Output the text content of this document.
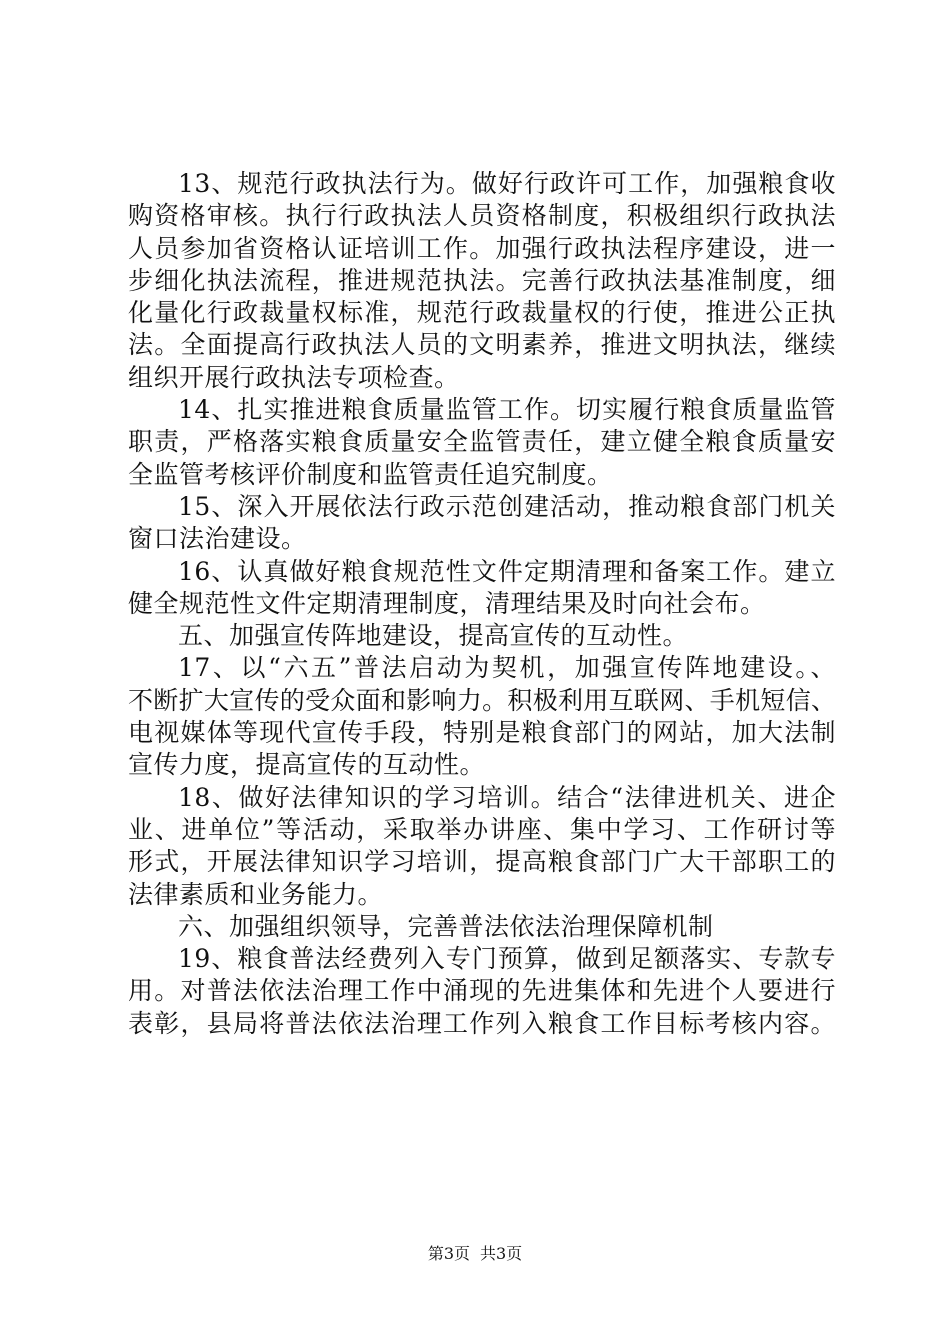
13、规范行政执法行为。做好行政许可工作，加强粮食收
购资格审核。执行行政执法人员资格制度，积极组织行政执法
人员参加省资格认证培训工作。加强行政执法程序建设，进一
步细化执法流程，推进规范执法。完善行政执法基准制度，细
化量化行政裁量权标准，规范行政裁量权的行使，推进公正执
法。全面提高行政执法人员的文明素养，推进文明执法，继续
组织开展行政执法专项检查。
14、扎实推进粮食质量监管工作。切实履行粮食质量监管
职责，严格落实粮食质量安全监管责任，建立健全粮食质量安
全监管考核评价制度和监管责任追究制度。
15、深入开展依法行政示范创建活动，推动粮食部门机关
窗口法治建设。
16、认真做好粮食规范性文件定期清理和备案工作。建立
健全规范性文件定期清理制度，清理结果及时向社会布。
五、加强宣传阵地建设，提高宣传的互动性。
17、以“六五”普法启动为契机，加强宣传阵地建设。、
不断扩大宣传的受众面和影响力。积极利用互联网、手机短信、
电视媒体等现代宣传手段，特别是粮食部门的网站，加大法制
宣传力度，提高宣传的互动性。
18、做好法律知识的学习培训。结合“法律进机关、进企
业、进单位”等活动，采取举办讲座、集中学习、工作研讨等
形式，开展法律知识学习培训，提高粮食部门广大干部职工的
法律素质和业务能力。
六、加强组织领导，完善普法依法治理保障机制
19、粮食普法经费列入专门预算，做到足额落实、专款专
用。对普法依法治理工作中涌现的先进集体和先进个人要进行
表彰，县局将普法依法治理工作列入粮食工作目标考核内容。
第3页 共3页
